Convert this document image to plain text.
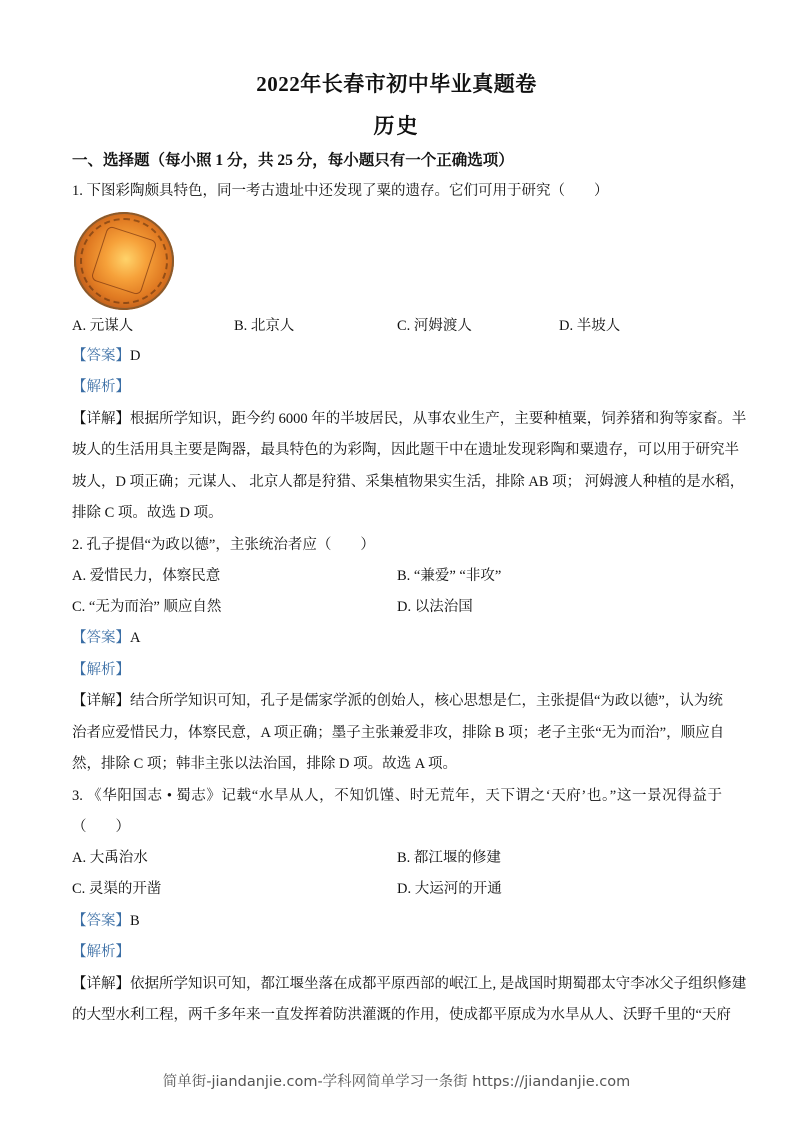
2022年长春市初中毕业真题卷
历史
一、选择题（每小照 1 分，共 25 分，每小题只有一个正确选项）
1. 下图彩陶颇具特色，同一考古遗址中还发现了粟的遗存。它们可用于研究（　　）
A. 元谋人	B. 北京人	C. 河姆渡人	D. 半坡人
【答案】D
【解析】
【详解】根据所学知识，距今约 6000 年的半坡居民，从事农业生产，主要种植粟，饲养猪和狗等家畜。半
坡人的生活用具主要是陶器，最具特色的为彩陶，因此题干中在遗址发现彩陶和粟遗存，可以用于研究半
坡人，D 项正确；元谋人、 北京人都是狩猎、采集植物果实生活，排除 AB 项； 河姆渡人种植的是水稻，
排除 C 项。故选 D 项。
2. 孔子提倡“为政以德”，主张统治者应（　　）
A. 爱惜民力，体察民意	B. “兼爱” “非攻”
C. “无为而治” 顺应自然	D. 以法治国
【答案】A
【解析】
【详解】结合所学知识可知，孔子是儒家学派的创始人，核心思想是仁，主张提倡“为政以德”，认为统
治者应爱惜民力，体察民意，A 项正确；墨子主张兼爱非攻，排除 B 项；老子主张“无为而治”，顺应自
然，排除 C 项；韩非主张以法治国，排除 D 项。故选 A 项。
3. 《华阳国志 • 蜀志》记载“水旱从人，不知饥馑、时无荒年，天下谓之‘天府’也。”这一景况得益于
（　　）
A. 大禹治水	B. 都江堰的修建
C. 灵渠的开凿	D. 大运河的开通
【答案】B
【解析】
【详解】依据所学知识可知，都江堰坐落在成都平原西部的岷江上, 是战国时期蜀郡太守李冰父子组织修建
的大型水利工程，两千多年来一直发挥着防洪灌溉的作用，使成都平原成为水旱从人、沃野千里的“天府
简单街-jiandanjie.com-学科网简单学习一条街 https://jiandanjie.com
